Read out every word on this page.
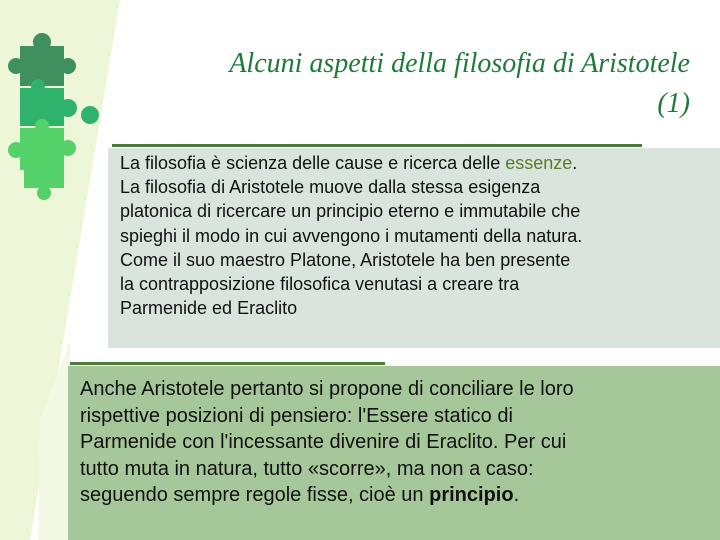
Alcuni aspetti della filosofia di Aristotele
(1)
La filosofia è scienza delle cause e ricerca delle essenze.
La filosofia di Aristotele muove dalla stessa esigenza
platonica di ricercare un principio eterno e immutabile che
spieghi il modo in cui avvengono i mutamenti della natura.
Come il suo maestro Platone, Aristotele ha ben presente
la contrapposizione filosofica venutasi a creare tra
Parmenide ed Eraclito
Anche Aristotele pertanto si propone di conciliare le loro
rispettive posizioni di pensiero: l'Essere statico di
Parmenide con l'incessante divenire di Eraclito. Per cui
tutto muta in natura, tutto «scorre», ma non a caso:
seguendo sempre regole fisse, cioè un principio.
